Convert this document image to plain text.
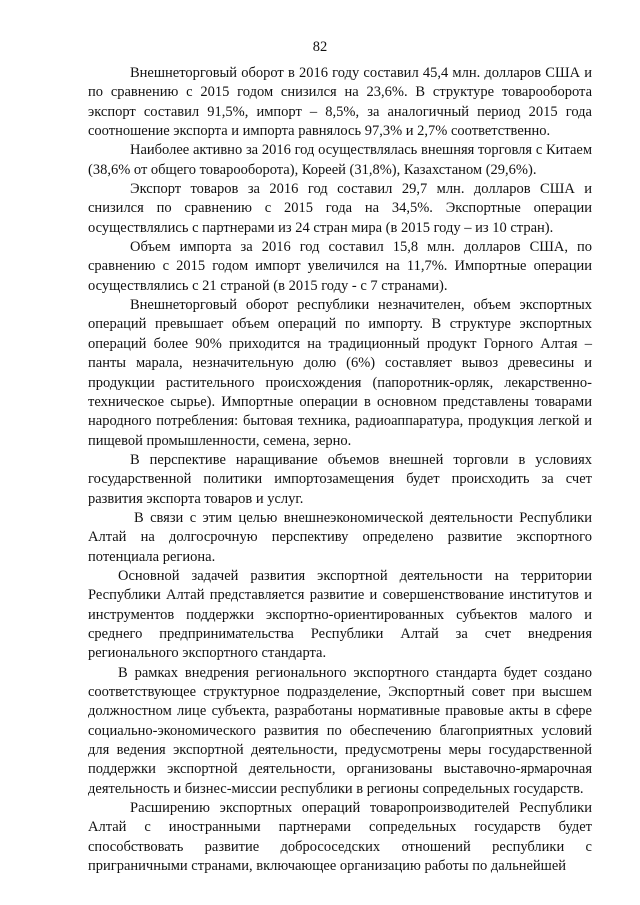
82

Внешнеторговый оборот в 2016 году составил 45,4 млн. долларов США и по сравнению с 2015 годом снизился на 23,6%. В структуре товарооборота экспорт составил 91,5%, импорт – 8,5%, за аналогичный период 2015 года соотношение экспорта и импорта равнялось 97,3% и 2,7% соответственно.

Наиболее активно за 2016 год осуществлялась внешняя торговля с Китаем (38,6% от общего товарооборота), Кореей (31,8%), Казахстаном (29,6%).

Экспорт товаров за 2016 год составил 29,7 млн. долларов США и снизился по сравнению с 2015 года на 34,5%. Экспортные операции осуществлялись с партнерами из 24 стран мира (в 2015 году – из 10 стран).

Объем импорта за 2016 год составил 15,8 млн. долларов США, по сравнению с 2015 годом импорт увеличился на 11,7%. Импортные операции осуществлялись с 21 страной (в 2015 году - с 7 странами).

Внешнеторговый оборот республики незначителен, объем экспортных операций превышает объем операций по импорту. В структуре экспортных операций более 90% приходится на традиционный продукт Горного Алтая – панты марала, незначительную долю (6%) составляет вывоз древесины и продукции растительного происхождения (папоротник-орляк, лекарственно-техническое сырье). Импортные операции в основном представлены товарами народного потребления: бытовая техника, радиоаппаратура, продукция легкой и пищевой промышленности, семена, зерно.

В перспективе наращивание объемов внешней торговли в условиях государственной политики импортозамещения будет происходить за счет развития экспорта товаров и услуг.

В связи с этим целью внешнеэкономической деятельности Республики Алтай на долгосрочную перспективу определено развитие экспортного потенциала региона.

Основной задачей развития экспортной деятельности на территории Республики Алтай представляется развитие и совершенствование институтов и инструментов поддержки экспортно-ориентированных субъектов малого и среднего предпринимательства Республики Алтай за счет внедрения регионального экспортного стандарта.

В рамках внедрения регионального экспортного стандарта будет создано соответствующее структурное подразделение, Экспортный совет при высшем должностном лице субъекта, разработаны нормативные правовые акты в сфере социально-экономического развития по обеспечению благоприятных условий для ведения экспортной деятельности, предусмотрены меры государственной поддержки экспортной деятельности, организованы выставочно-ярмарочная деятельность и бизнес-миссии республики в регионы сопредельных государств.

Расширению экспортных операций товаропроизводителей Республики Алтай с иностранными партнерами сопредельных государств будет способствовать развитие добрососедских отношений республики с приграничными странами, включающее организацию работы по дальнейшей
